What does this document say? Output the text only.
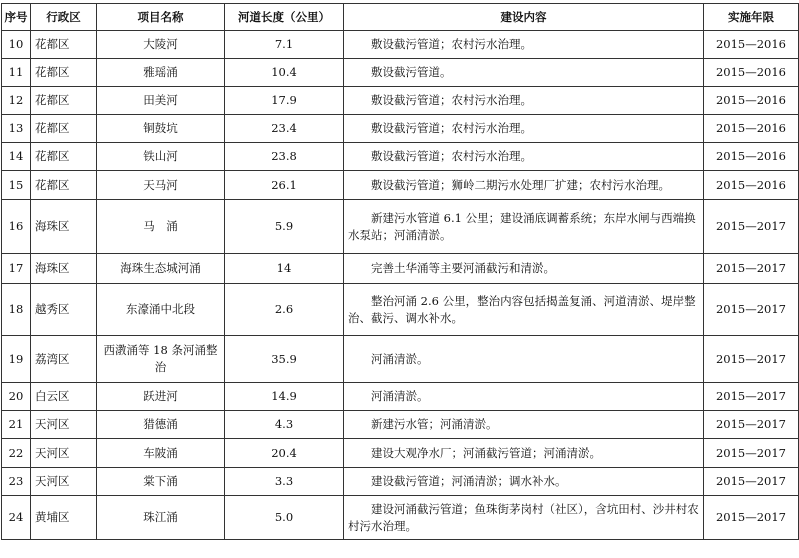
序号	行政区	项目名称	河道长度（公里）	建设内容	实施年限
10	花都区	大陵河	7.1	敷设截污管道；农村污水治理。	2015—2016
11	花都区	雅瑶涌	10.4	敷设截污管道。	2015—2016
12	花都区	田美河	17.9	敷设截污管道；农村污水治理。	2015—2016
13	花都区	铜鼓坑	23.4	敷设截污管道；农村污水治理。	2015—2016
14	花都区	铁山河	23.8	敷设截污管道；农村污水治理。	2015—2016
15	花都区	天马河	26.1	敷设截污管道；狮岭二期污水处理厂扩建；农村污水治理。	2015—2016
16	海珠区	马　涌	5.9	新建污水管道 6.1 公里；建设涌底调蓄系统；东岸水闸与西端换水泵站；河涌清淤。	2015—2017
17	海珠区	海珠生态城河涌	14	完善土华涌等主要河涌截污和清淤。	2015—2017
18	越秀区	东濠涌中北段	2.6	整治河涌 2.6 公里，整治内容包括揭盖复涌、河道清淤、堤岸整治、截污、调水补水。	2015—2017
19	荔湾区	西漖涌等 18 条河涌整治	35.9	河涌清淤。	2015—2017
20	白云区	跃进河	14.9	河涌清淤。	2015—2017
21	天河区	猎德涌	4.3	新建污水管；河涌清淤。	2015—2017
22	天河区	车陂涌	20.4	建设大观净水厂；河涌截污管道；河涌清淤。	2015—2017
23	天河区	棠下涌	3.3	建设截污管道；河涌清淤；调水补水。	2015—2017
24	黄埔区	珠江涌	5.0	建设河涌截污管道；鱼珠街茅岗村（社区），含坑田村、沙井村农村污水治理。	2015—2017
